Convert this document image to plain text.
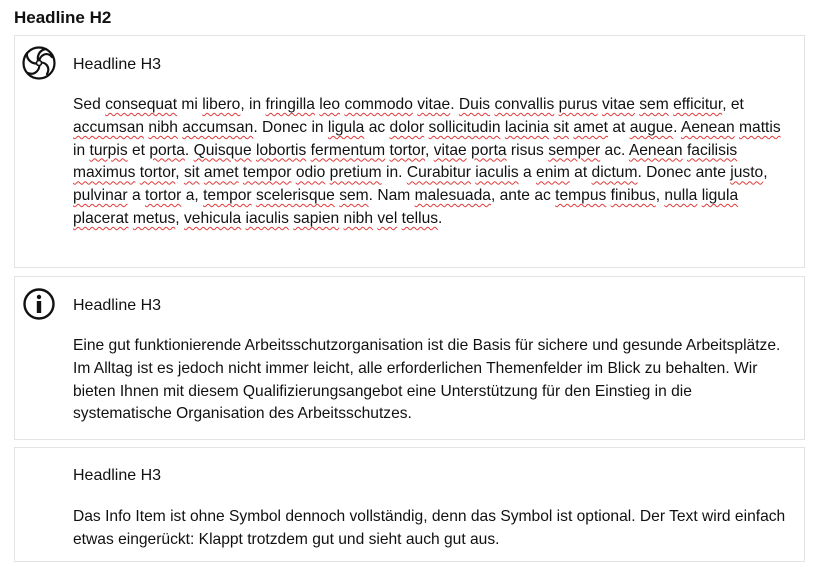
Headline H2
Headline H3

Sed consequat mi libero, in fringilla leo commodo vitae. Duis convallis purus vitae sem efficitur, et accumsan nibh accumsan. Donec in ligula ac dolor sollicitudin lacinia sit amet at augue. Aenean mattis in turpis et porta. Quisque lobortis fermentum tortor, vitae porta risus semper ac. Aenean facilisis maximus tortor, sit amet tempor odio pretium in. Curabitur iaculis a enim at dictum. Donec ante justo, pulvinar a tortor a, tempor scelerisque sem. Nam malesuada, ante ac tempus finibus, nulla ligula placerat metus, vehicula iaculis sapien nibh vel tellus.

Headline H3

Eine gut funktionierende Arbeitsschutzorganisation ist die Basis für sichere und gesunde Arbeitsplätze. Im Alltag ist es jedoch nicht immer leicht, alle erforderlichen Themenfelder im Blick zu behalten. Wir bieten Ihnen mit diesem Qualifizierungsangebot eine Unterstützung für den Einstieg in die systematische Organisation des Arbeitsschutzes.

Headline H3

Das Info Item ist ohne Symbol dennoch vollständig, denn das Symbol ist optional. Der Text wird einfach etwas eingerückt: Klappt trotzdem gut und sieht auch gut aus.
